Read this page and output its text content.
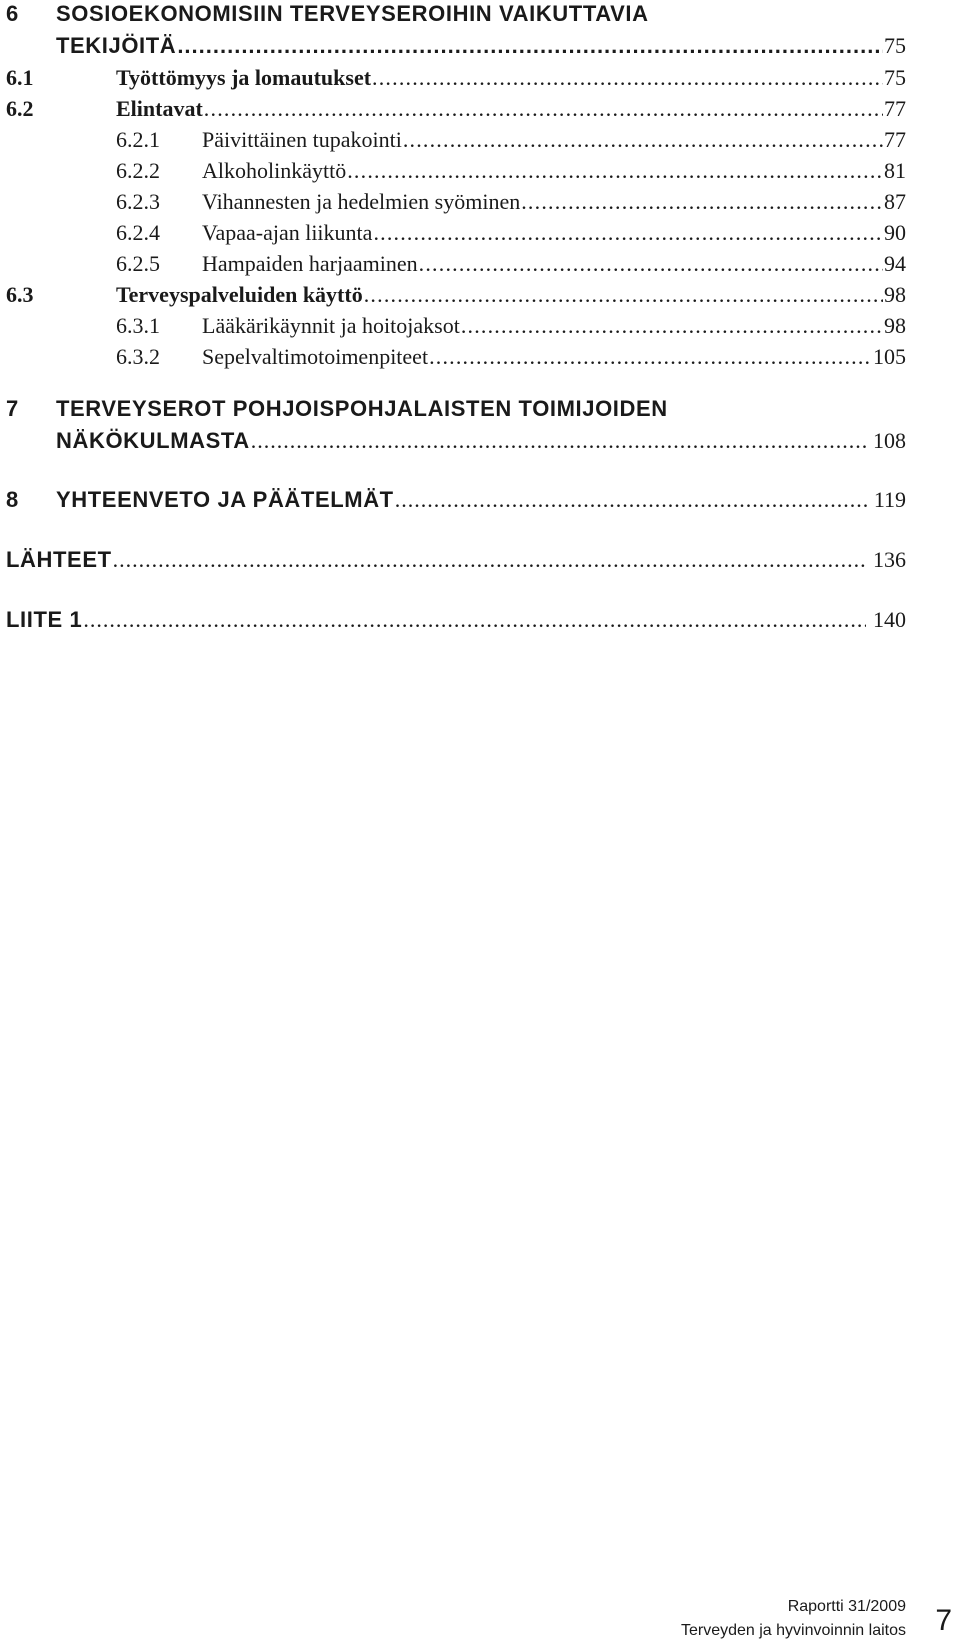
6	SOSIOEKONOMISIIN TERVEYSEROIHIN VAIKUTTAVIA
TEKIJÖITÄ .....	75
6.1	Työttömyys ja lomautukset .....	75
6.2	Elintavat .....	77
6.2.1	Päivittäinen tupakointi .....	77
6.2.2	Alkoholinkäyttö .....	81
6.2.3	Vihannesten ja hedelmien syöminen .....	87
6.2.4	Vapaa-ajan liikunta .....	90
6.2.5	Hampaiden harjaaminen .....	94
6.3	Terveyspalveluiden käyttö .....	98
6.3.1	Lääkärikäynnit ja hoitojaksot .....	98
6.3.2	Sepelvaltimotoimenpiteet .....	105
7	TERVEYSEROT POHJOISPOHJALAISTEN TOIMIJOIDEN
NÄKÖKULMASTA .....	108
8	YHTEENVETO JA PÄÄTELMÄT .....	119
LÄHTEET .....	136
LIITE 1 .....	140
Raportti 31/2009
Terveyden ja hyvinvoinnin laitos 7
